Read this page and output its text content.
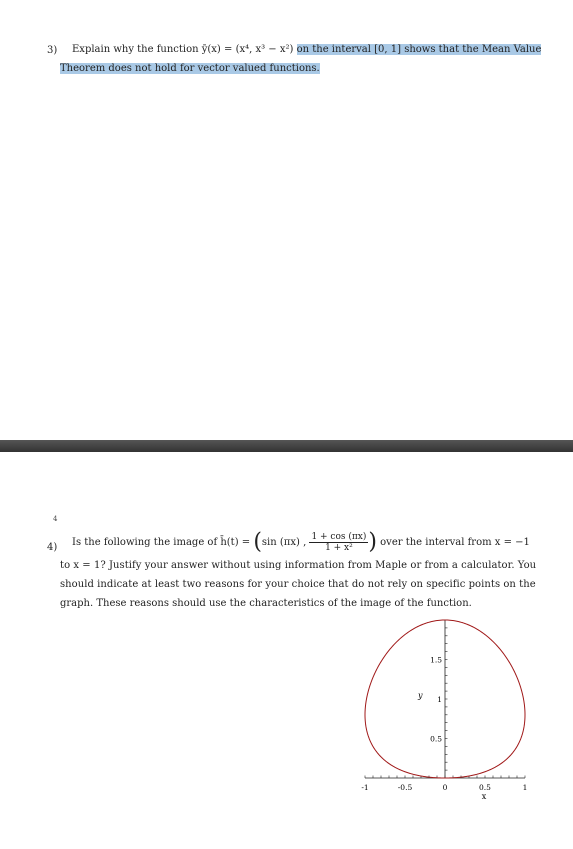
3) Explain why the function ȳ(x) = (x⁴, x³ − x²) on the interval [0, 1] shows that the Mean Value
Theorem does not hold for vector valued functions.
4
4) Is the following the image of h̄(t) = (sin (πx) , $\frac{1 + \cos (\pi x)}{\text{1 + x²}}$ ) over the interval from x = −1
to x = 1? Justify your answer without using information from Maple or from a calculator. You
should indicate at least two reasons for your choice that do not rely on specific points on the
graph. These reasons should use the characteristics of the image of the function.
-1	-0.5	0	0.5	1
0.5
1
1.5
x
y
